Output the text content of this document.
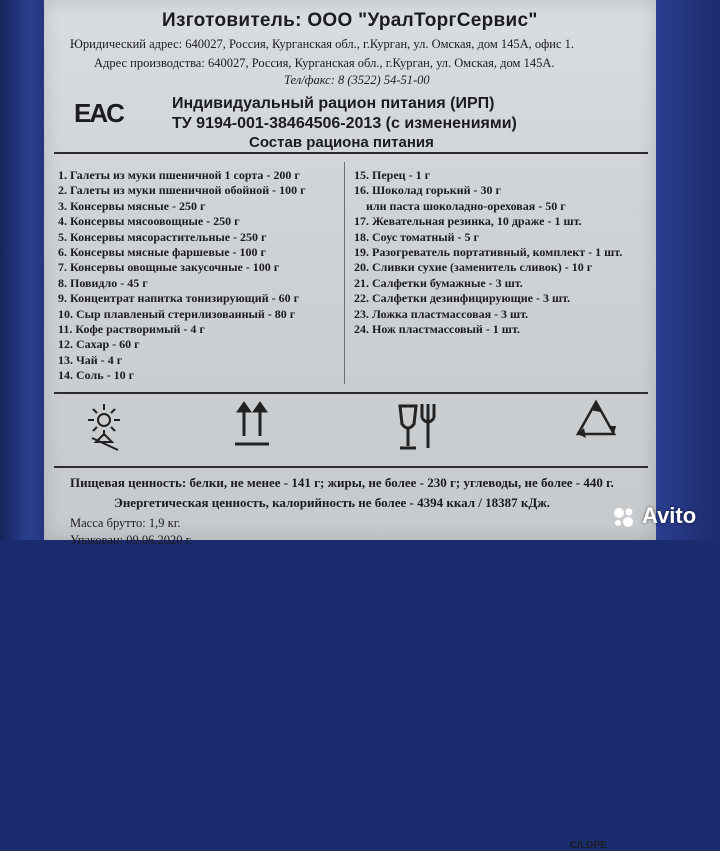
Изготовитель: ООО "УралТоргСервис"
Юридический адрес: 640027, Россия, Курганская обл., г.Курган, ул. Омская, дом 145А, офис 1.
Адрес производства: 640027, Россия, Курганская обл., г.Курган, ул. Омская, дом 145А.
Тел/факс: 8 (3522) 54-51-00
EAC	Индивидуальный рацион питания (ИРП)
ТУ 9194-001-38464506-2013 (с изменениями)
Состав рациона питания
1. Галеты из муки пшеничной 1 сорта - 200 г
2. Галеты из муки пшеничной обойной - 100 г
3. Консервы мясные - 250 г
4. Консервы мясоовощные - 250 г
5. Консервы мясорастительные - 250 г
6. Консервы мясные фаршевые - 100 г
7. Консервы овощные закусочные - 100 г
8. Повидло - 45 г
9. Концентрат напитка тонизирующий - 60 г
10. Сыр плавленый стерилизованный - 80 г
11. Кофе растворимый - 4 г
12. Сахар - 60 г
13. Чай - 4 г
14. Соль - 10 г
15. Перец - 1 г
16. Шоколад горький - 30 г
или паста шоколадно-ореховая - 50 г
17. Жевательная резинка, 10 драже - 1 шт.
18. Соус томатный - 5 г
19. Разогреватель портативный, комплект - 1 шт.
20. Сливки сухие (заменитель сливок) - 10 г
21. Салфетки бумажные - 3 шт.
22. Салфетки дезинфицирующие - 3 шт.
23. Ложка пластмассовая - 3 шт.
24. Нож пластмассовый - 1 шт.
C/LDPE
Пищевая ценность: белки, не менее - 141 г; жиры, не более - 230 г; углеводы, не более - 440 г.
Энергетическая ценность, калорийность не более - 4394 ккал / 18387 кДж.
Масса брутто: 1,9 кг.
Упакован: 09.06.2020 г.
Avito
